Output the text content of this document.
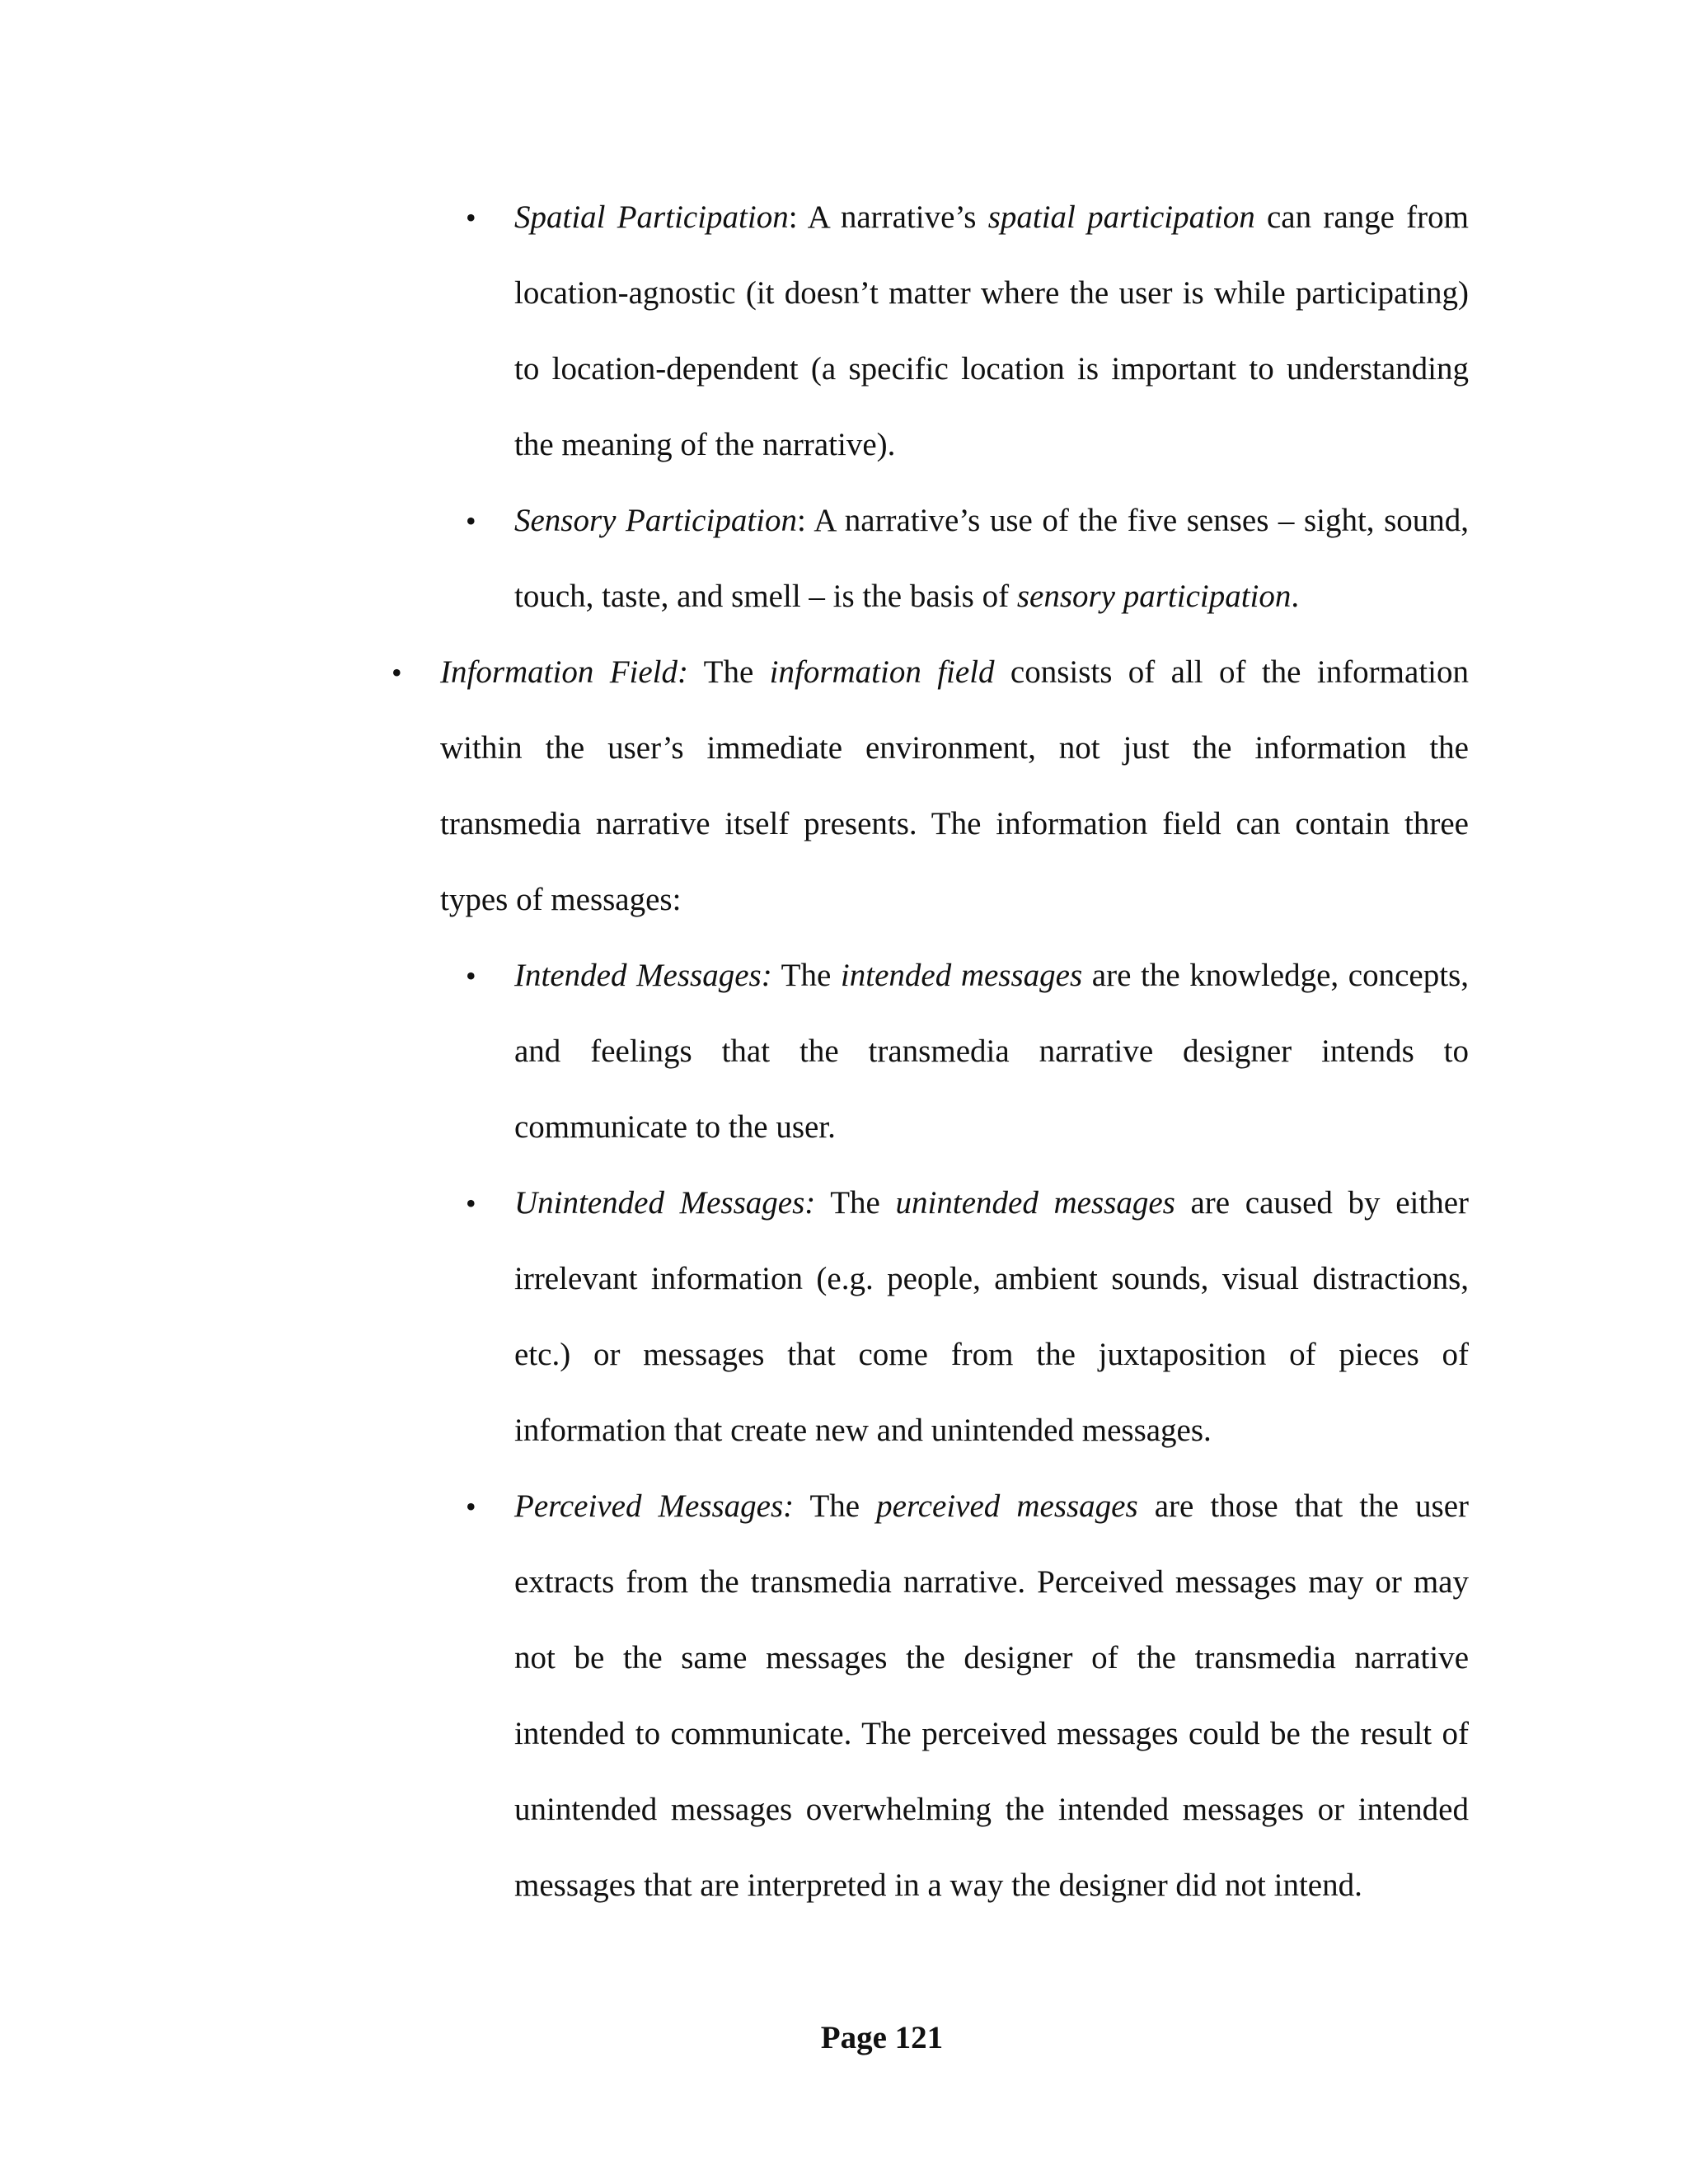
• Spatial Participation: A narrative’s spatial participation can range from location-agnostic (it doesn’t matter where the user is while participating) to location-dependent (a specific location is important to understanding the meaning of the narrative).
• Sensory Participation: A narrative’s use of the five senses – sight, sound, touch, taste, and smell – is the basis of sensory participation.
• Information Field: The information field consists of all of the information within the user’s immediate environment, not just the information the transmedia narrative itself presents. The information field can contain three types of messages:
• Intended Messages: The intended messages are the knowledge, concepts, and feelings that the transmedia narrative designer intends to communicate to the user.
• Unintended Messages: The unintended messages are caused by either irrelevant information (e.g. people, ambient sounds, visual distractions, etc.) or messages that come from the juxtaposition of pieces of information that create new and unintended messages.
• Perceived Messages: The perceived messages are those that the user extracts from the transmedia narrative. Perceived messages may or may not be the same messages the designer of the transmedia narrative intended to communicate. The perceived messages could be the result of unintended messages overwhelming the intended messages or intended messages that are interpreted in a way the designer did not intend.
Page 121
